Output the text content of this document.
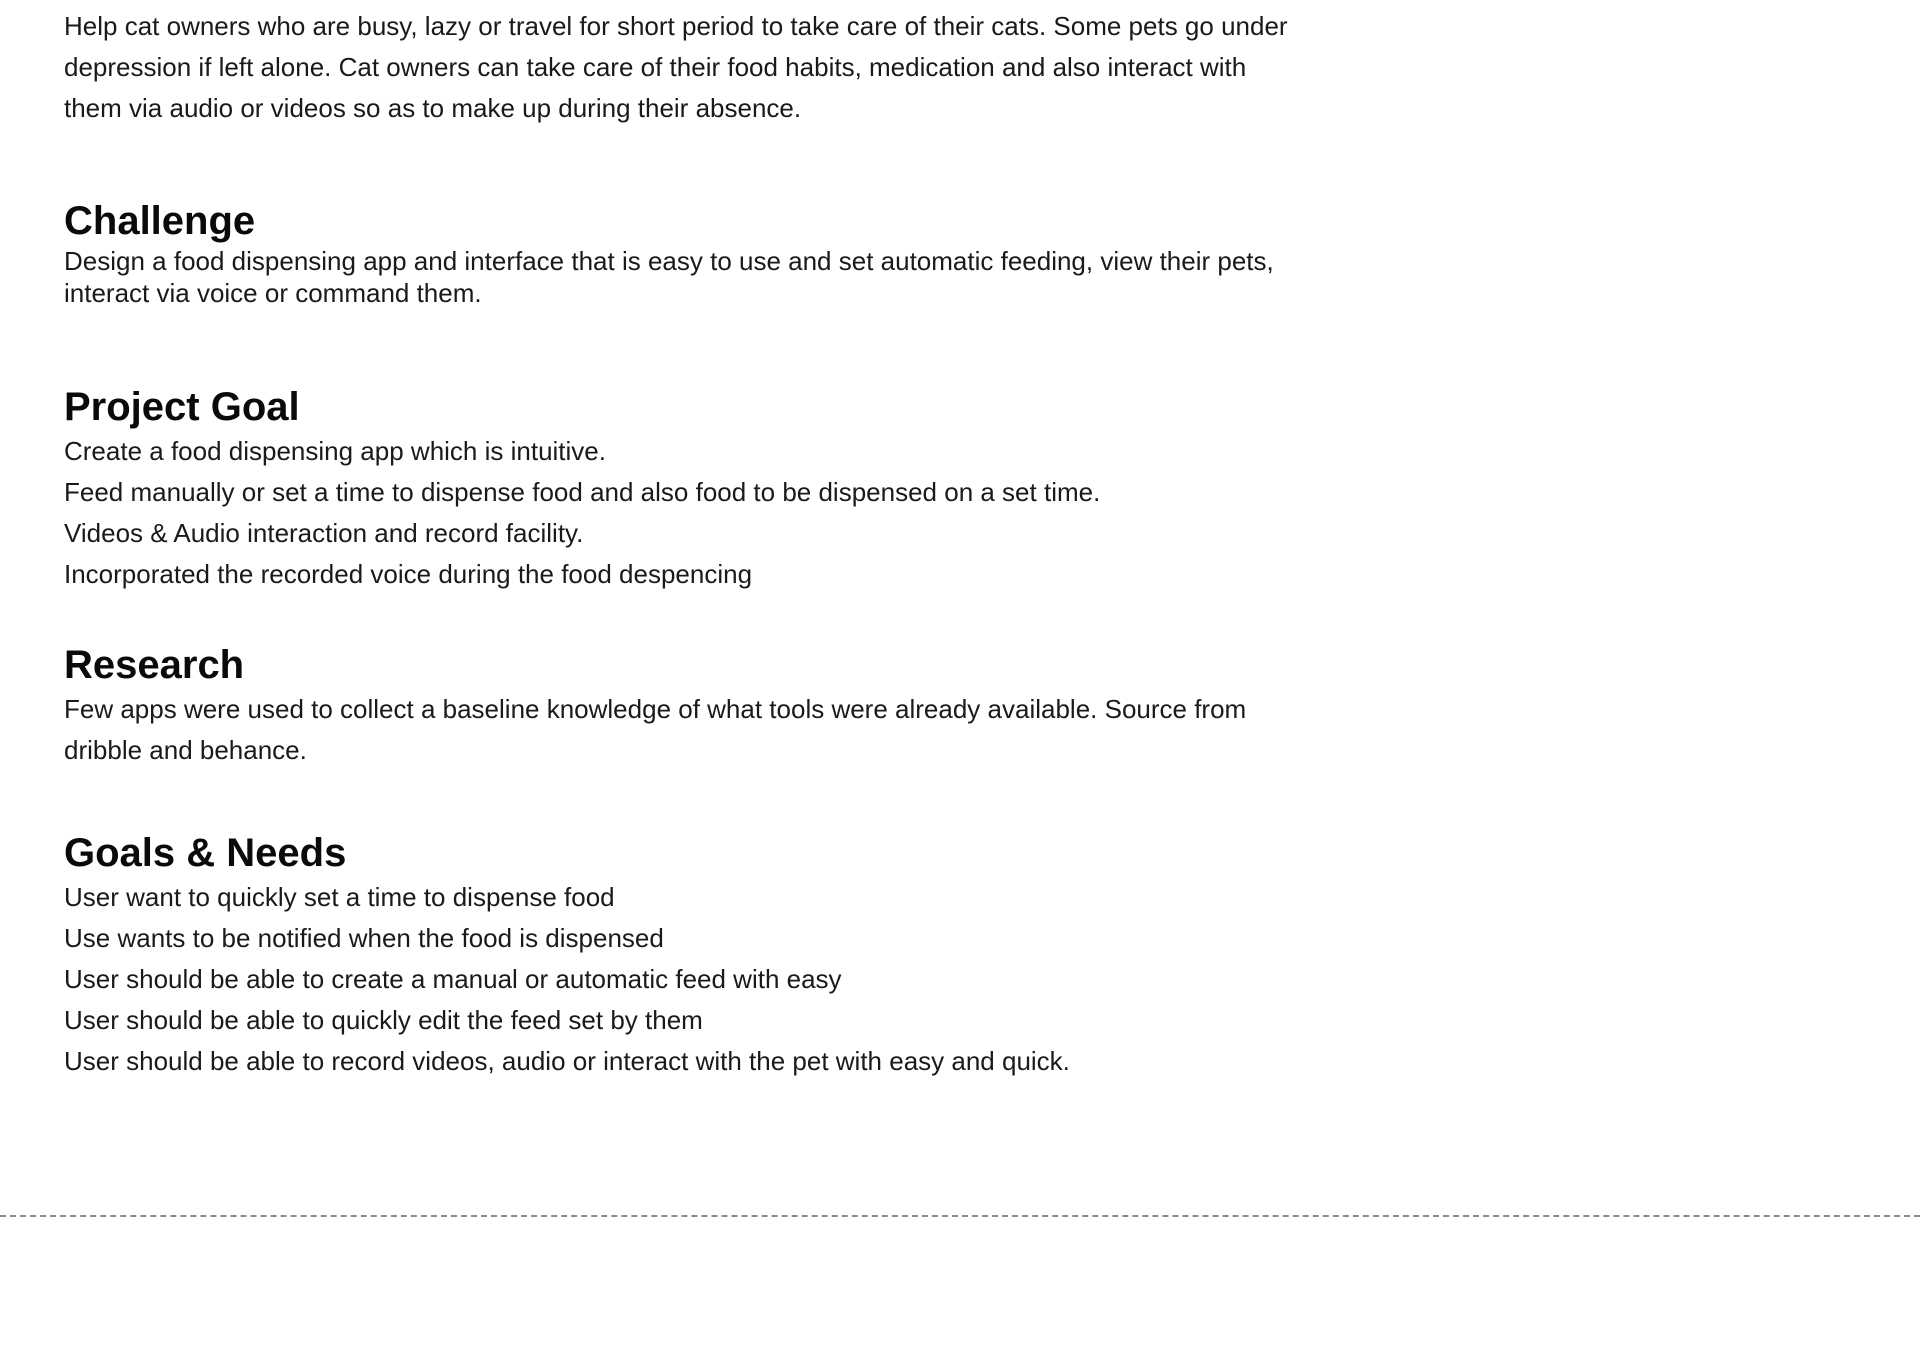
Help cat owners who are busy, lazy or travel for short period to take care of their cats. Some pets go under depression if left alone. Cat owners can take care of their food habits, medication and also interact with them via audio or videos so as to make up during their absence.

Challenge

Design a food dispensing app and interface that is easy to use and set automatic feeding, view their pets, interact via voice or command them.

Project Goal
Create a food dispensing app which is intuitive.
Feed manually or set a time to dispense food and also food to be dispensed on a set time.
Videos & Audio interaction and record facility.
Incorporated the recorded voice during the food despencing
Research

Few apps were used to collect a baseline knowledge of what tools were already available. Source from dribble and behance.

Goals & Needs
User want to quickly set a time to dispense food
Use wants to be notified when the food is dispensed
User should be able to create a manual or automatic feed with easy
User should be able to quickly edit the feed set by them
User should be able to record videos, audio or interact with the pet with easy and quick.
